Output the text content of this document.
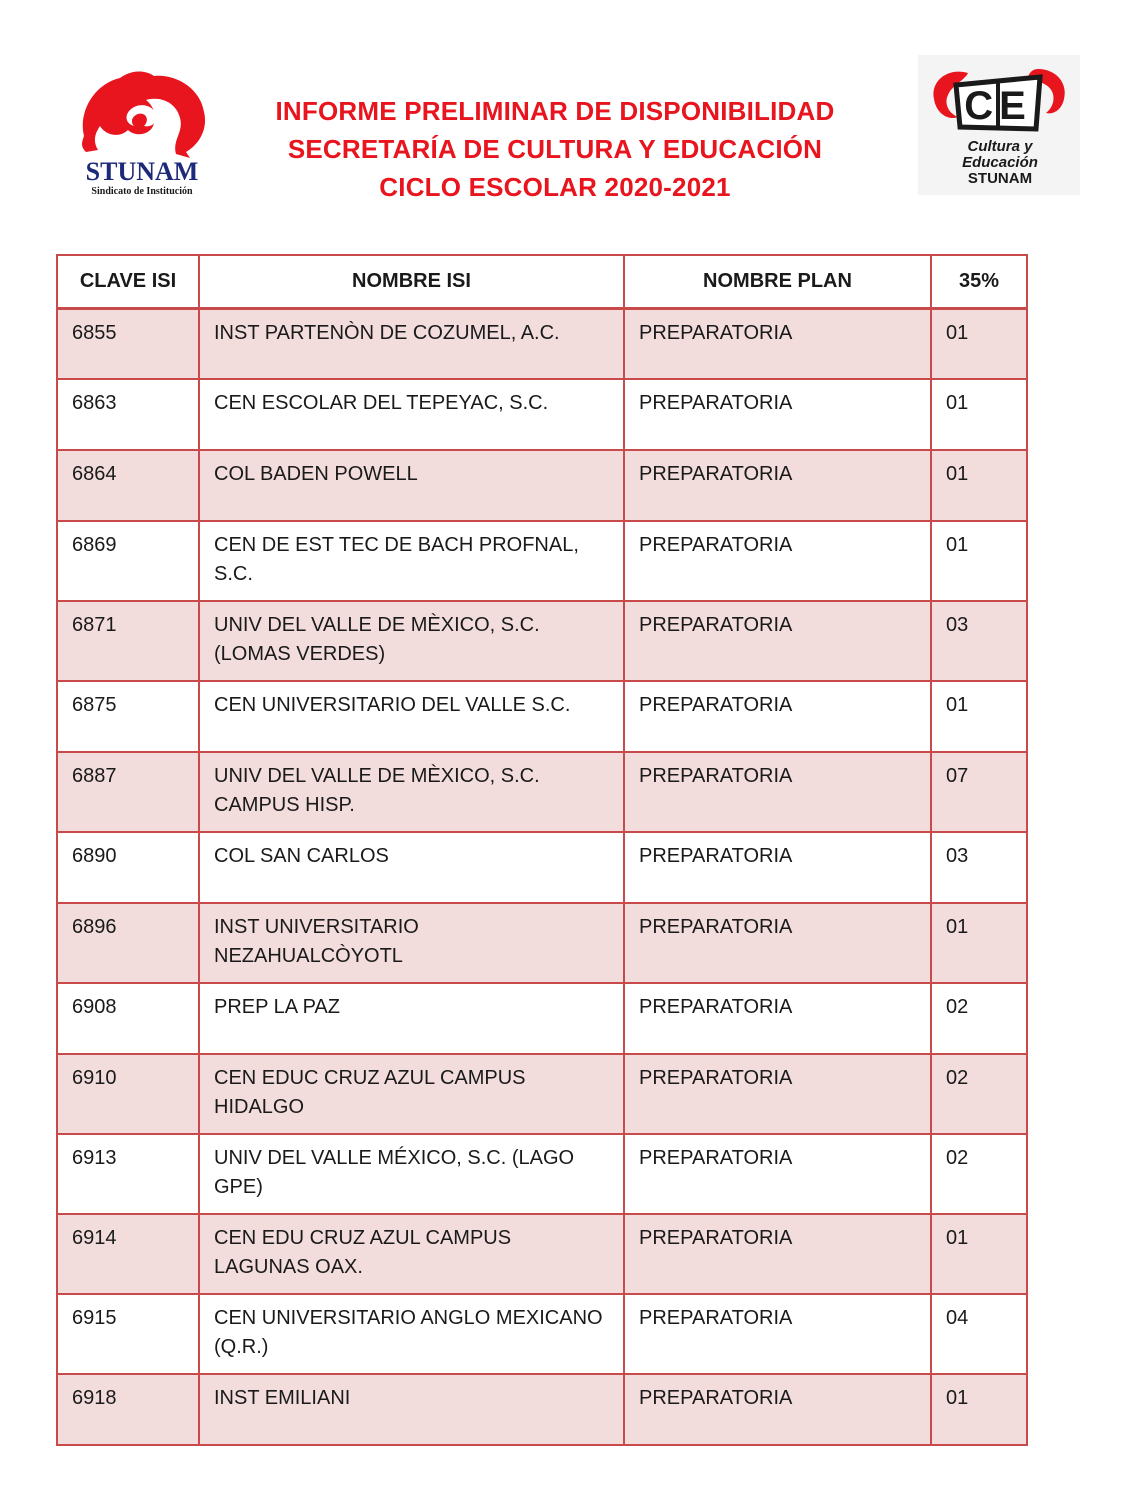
STUNAM
Sindicato de Institución
INFORME PRELIMINAR DE DISPONIBILIDAD
SECRETARÍA DE CULTURA Y EDUCACIÓN
CICLO ESCOLAR 2020-2021
CE
Cultura y
Educación
STUNAM
CLAVE ISI	NOMBRE ISI	NOMBRE PLAN	35%
6855	INST PARTENÒN DE COZUMEL, A.C.	PREPARATORIA	01
6863	CEN ESCOLAR DEL TEPEYAC, S.C.	PREPARATORIA	01
6864	COL BADEN POWELL	PREPARATORIA	01
6869	CEN DE EST TEC DE BACH PROFNAL, S.C.	PREPARATORIA	01
6871	UNIV DEL VALLE DE MÈXICO, S.C. (LOMAS VERDES)	PREPARATORIA	03
6875	CEN UNIVERSITARIO DEL VALLE S.C.	PREPARATORIA	01
6887	UNIV DEL VALLE DE MÈXICO, S.C. CAMPUS HISP.	PREPARATORIA	07
6890	COL SAN CARLOS	PREPARATORIA	03
6896	INST UNIVERSITARIO NEZAHUALCÒYOTL	PREPARATORIA	01
6908	PREP LA PAZ	PREPARATORIA	02
6910	CEN EDUC CRUZ AZUL CAMPUS HIDALGO	PREPARATORIA	02
6913	UNIV DEL VALLE MÉXICO, S.C. (LAGO GPE)	PREPARATORIA	02
6914	CEN EDU CRUZ AZUL CAMPUS LAGUNAS OAX.	PREPARATORIA	01
6915	CEN UNIVERSITARIO ANGLO MEXICANO (Q.R.)	PREPARATORIA	04
6918	INST EMILIANI	PREPARATORIA	01
